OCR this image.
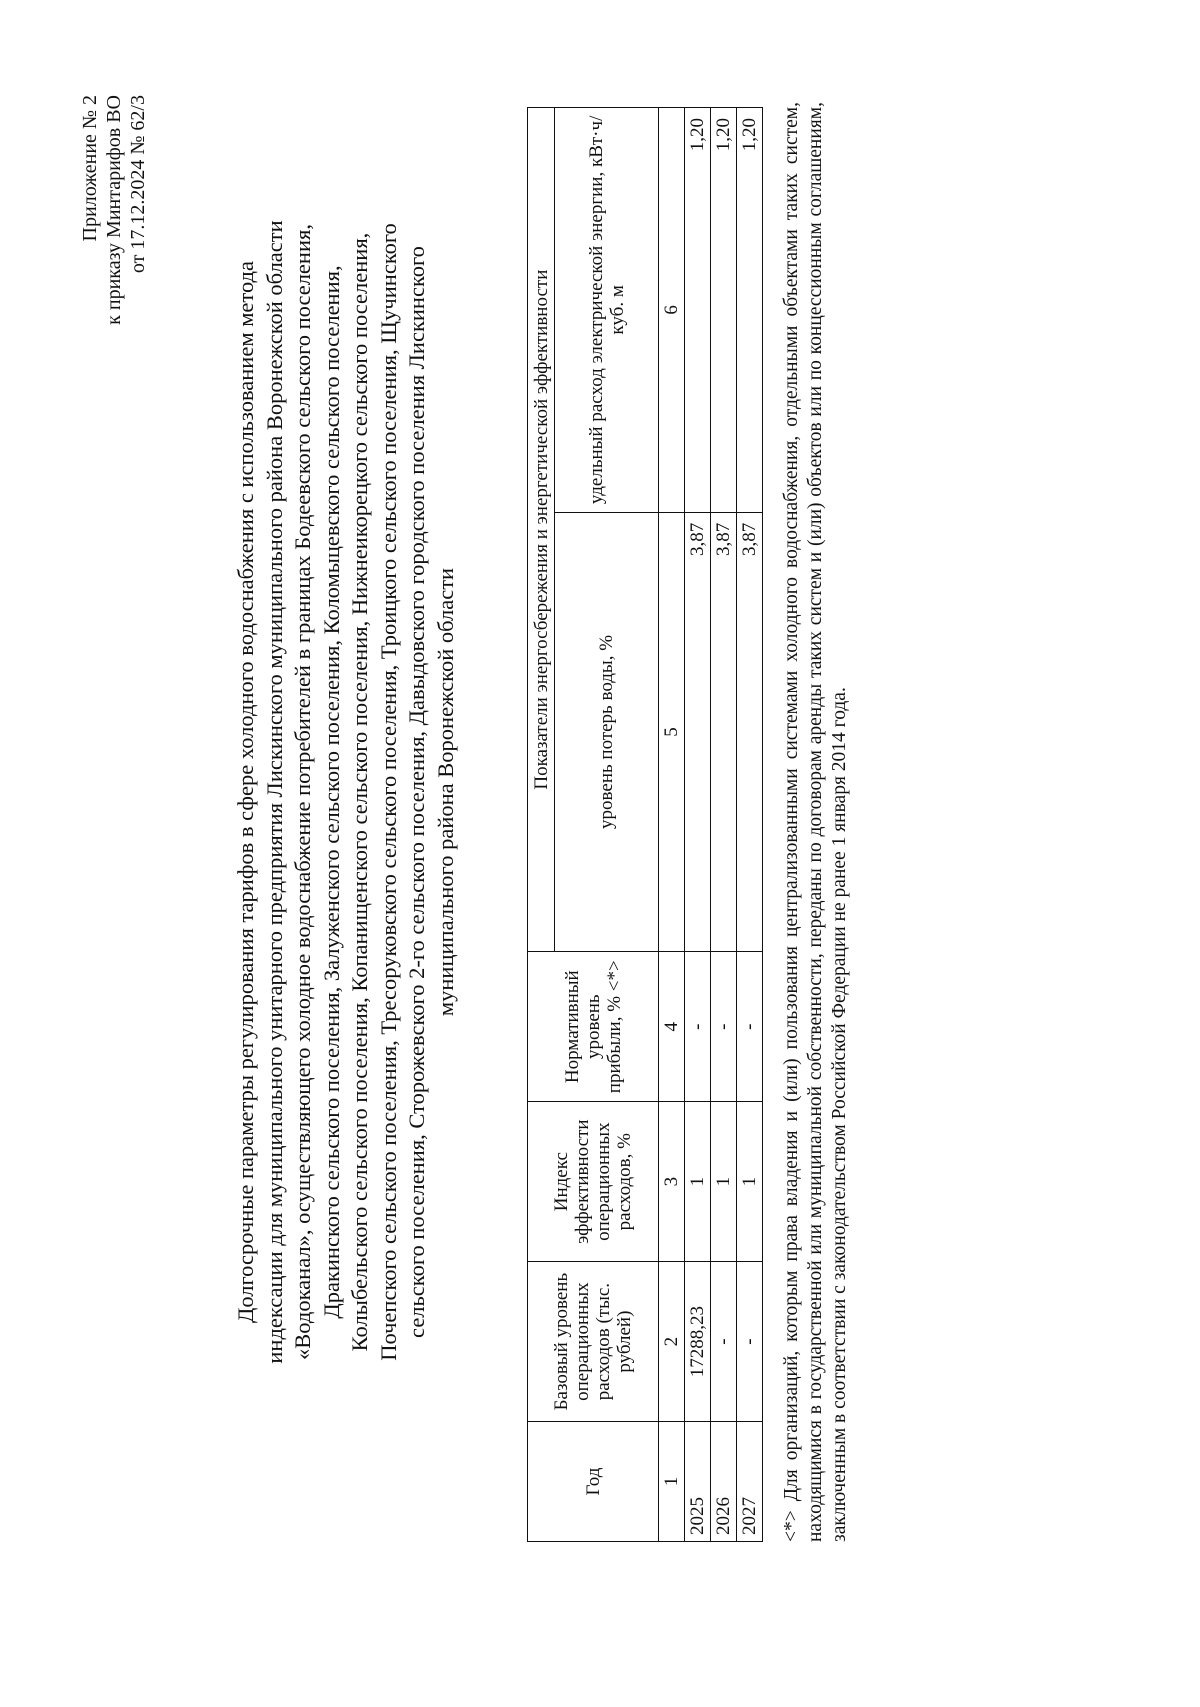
Приложение № 2 к приказу Минтарифов ВО от 17.12.2024 № 62/3
Долгосрочные параметры регулирования тарифов в сфере холодного водоснабжения с использованием метода индексации для муниципального унитарного предприятия Лискинского муниципального района Воронежской области «Водоканал», осуществляющего холодное водоснабжение потребителей в границах Бодеевского сельского поселения, Дракинского сельского поселения, Залуженского сельского поселения, Коломыцевского сельского поселения, Колыбельского сельского поселения, Копанищенского сельского поселения, Нижнеикорецкого сельского поселения, Почепского сельского поселения, Тресоруковского сельского поселения, Троицкого сельского поселения, Щучинского сельского поселения, Сторожевского 2-го сельского поселения, Давыдовского городского поселения Лискинского муниципального района Воронежской области
Год	Базовый уровень операционных расходов (тыс. рублей)	Индекс эффективности операционных расходов, %	Нормативный уровень прибыли, % <*>	Показатели энергосбережения и энергетической эффективности	
				уровень потерь воды, %	удельный расход электрической энергии, кВт·ч/куб. м
1	2	3	4	5	6
2025	17288,23	1	-	3,87	1,20
2026	-	1	-	3,87	1,20
2027	-	1	-	3,87	1,20 <*> Для организаций, которым права владения и (или) пользования централизованными системами холодного водоснабжения, отдельными объектами таких систем, находящимися в государственной или муниципальной собственности, переданы по договорам аренды таких систем и (или) объектов или по концессионным соглашениям, заключенным в соответствии с законодательством Российской Федерации не ранее 1 января 2014 года.
